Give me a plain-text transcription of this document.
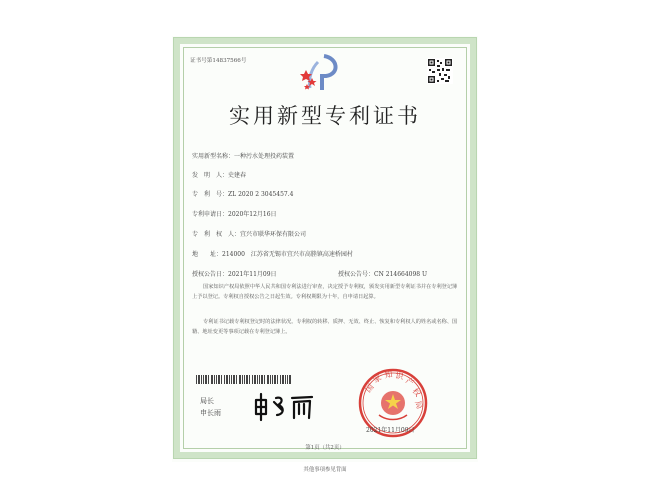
证书号第14837566号
实用新型专利证书
实用新型名称：一种污水处理投药装置
发　明　人：史建春
专　利　号：ZL 2020 2 3045457.4
专利申请日：2020年12月16日
专　利　权　人：宜兴市联华环保有限公司
地　　址：214000　江苏省无锡市宜兴市高塍镇高速桥园村
授权公告日：2021年11月09日	授权公告号：CN 214664098 U
国家知识产权局依照中华人民共和国专利法进行审查，决定授予专利权，颁发实用新型专利证书并在专利登记簿上予以登记。专利权自授权公告之日起生效。专利权期限为十年，自申请日起算。
专利证书记载专利权登记时的法律状况。专利权的转移、质押、无效、终止、恢复和专利权人的姓名或名称、国籍、地址变更等事项记载在专利登记簿上。
局长
申长雨
国
家 知 识 产
权
局
2021年11月09日
第1页（共2页）
其他事项参见背面
